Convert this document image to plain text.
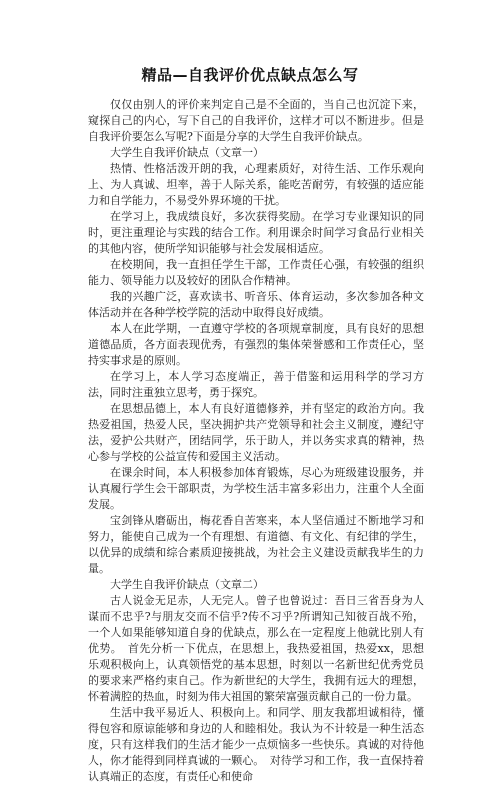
精品—自我评价优点缺点怎么写

仅仅由别人的评价来判定自己是不全面的，当自己也沉淀下来，窥探自己的内心，写下自己的自我评价，这样才可以不断进步。但是自我评价要怎么写呢?下面是分享的大学生自我评价缺点。

大学生自我评价缺点（文章一）

热情、性格活泼开朗的我，心理素质好，对待生活、工作乐观向上、为人真诚、坦率，善于人际关系，能吃苦耐劳，有较强的适应能力和自学能力，不易受外界环境的干扰。

在学习上，我成绩良好，多次获得奖励。在学习专业课知识的同时，更注重理论与实践的结合工作。利用课余时间学习食品行业相关的其他内容，使所学知识能够与社会发展相适应。

在校期间，我一直担任学生干部，工作责任心强，有较强的组织能力、领导能力以及较好的团队合作精神。

我的兴趣广泛，喜欢读书、听音乐、体育运动，多次参加各种文体活动并在各种学校学院的活动中取得良好成绩。

本人在此学期，一直遵守学校的各项规章制度，具有良好的思想道德品质，各方面表现优秀，有强烈的集体荣誉感和工作责任心，坚持实事求是的原则。

在学习上，本人学习态度端正，善于借鉴和运用科学的学习方法，同时注重独立思考，勇于探究。

在思想品德上，本人有良好道德修养，并有坚定的政治方向。我热爱祖国，热爱人民，坚决拥护共产党领导和社会主义制度，遵纪守法，爱护公共财产，团结同学，乐于助人，并以务实求真的精神，热心参与学校的公益宣传和爱国主义活动。

在课余时间，本人积极参加体育锻炼，尽心为班级建设服务，并认真履行学生会干部职责，为学校生活丰富多彩出力，注重个人全面发展。

宝剑锋从磨砺出，梅花香自苦寒来，本人坚信通过不断地学习和努力，能使自己成为一个有理想、有道德、有文化、有纪律的学生，以优异的成绩和综合素质迎接挑战，为社会主义建设贡献我毕生的力量。

大学生自我评价缺点（文章二）

古人说金无足赤，人无完人。曾子也曾说过：吾日三省吾身为人谋而不忠乎?与朋友交而不信乎?传不习乎?所谓知己知彼百战不殆，一个人如果能够知道自身的优缺点，那么在一定程度上他就比别人有优势。　首先分析一下优点，在思想上，我热爱祖国，热爱xx，思想乐观积极向上，认真领悟党的基本思想，时刻以一名新世纪优秀党员的要求来严格约束自己。作为新世纪的大学生，我拥有远大的理想，怀着满腔的热血，时刻为伟大祖国的繁荣富强贡献自己的一份力量。

生活中我平易近人、积极向上。和同学、朋友我都坦诚相待，懂得包容和原谅能够和身边的人和睦相处。我认为不计较是一种生活态度，只有这样我们的生活才能少一点烦恼多一些快乐。真诚的对待他人，你才能得到同样真诚的一颗心。　对待学习和工作，我一直保持着认真端正的态度，有责任心和使命
